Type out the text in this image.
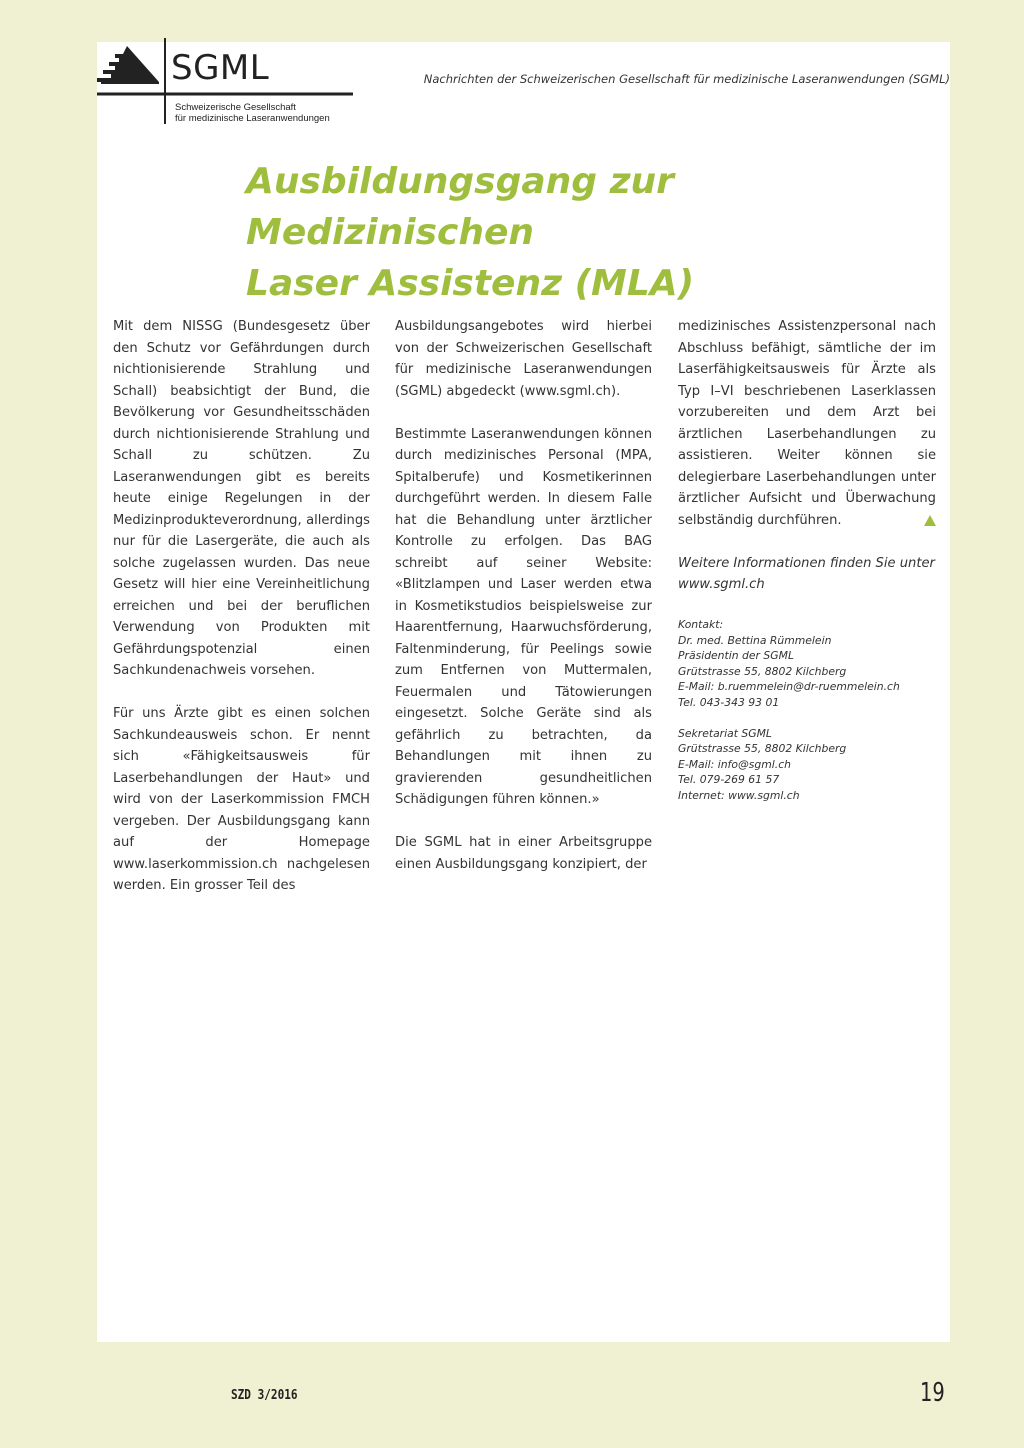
SGML
Schweizerische Gesellschaft
für medizinische Laseranwendungen
Nachrichten der Schweizerischen Gesellschaft für medizinische Laseranwendungen (SGML)
Ausbildungsgang zur Medizinischen
Laser Assistenz (MLA)

Mit dem NISSG (Bundesgesetz über den Schutz vor Gefährdungen durch nichtionisierende Strahlung und Schall) beabsichtigt der Bund, die Bevölkerung vor Gesundheitsschäden durch nichtionisierende Strahlung und Schall zu schützen. Zu Laseranwendungen gibt es bereits heute einige Regelungen in der Medizinprodukteverordnung, allerdings nur für die Lasergeräte, die auch als solche zugelassen wurden. Das neue Gesetz will hier eine Vereinheitlichung erreichen und bei der beruflichen Verwendung von Produkten mit Gefährdungspotenzial einen Sachkundenachweis vorsehen.

Für uns Ärzte gibt es einen solchen Sachkundeausweis schon. Er nennt sich «Fähigkeitsausweis für Laserbehandlungen der Haut» und wird von der Laserkommission FMCH vergeben. Der Ausbildungsgang kann auf der Homepage www.laserkommission.ch nachgelesen werden. Ein grosser Teil des

Ausbildungsangebotes wird hierbei von der Schweizerischen Gesellschaft für medizinische Laseranwendungen (SGML) abgedeckt (www.sgml.ch).

Bestimmte Laseranwendungen können durch medizinisches Personal (MPA, Spitalberufe) und Kosmetikerinnen durchgeführt werden. In diesem Falle hat die Behandlung unter ärztlicher Kontrolle zu erfolgen. Das BAG schreibt auf seiner Website: «Blitzlampen und Laser werden etwa in Kosmetikstudios beispielsweise zur Haarentfernung, Haarwuchsförderung, Faltenminderung, für Peelings sowie zum Entfernen von Muttermalen, Feuermalen und Tätowierungen eingesetzt. Solche Geräte sind als gefährlich zu betrachten, da Behandlungen mit ihnen zu gravierenden gesundheitlichen Schädigungen führen können.»

Die SGML hat in einer Arbeitsgruppe einen Ausbildungsgang konzipiert, der

medizinisches Assistenzpersonal nach Abschluss befähigt, sämtliche der im Laserfähigkeitsausweis für Ärzte als Typ I–VI beschriebenen Laserklassen vorzubereiten und dem Arzt bei ärztlichen Laserbehandlungen zu assistieren. Weiter können sie delegierbare Laserbehandlungen unter ärztlicher Aufsicht und Überwachung selbständig durchführen.

Weitere Informationen finden Sie unter
www.sgml.ch

Kontakt:
Dr. med. Bettina Rümmelein
Präsidentin der SGML
Grütstrasse 55, 8802 Kilchberg
E-Mail: b.ruemmelein@dr-ruemmelein.ch
Tel. 043-343 93 01
Sekretariat SGML
Grütstrasse 55, 8802 Kilchberg
E-Mail: info@sgml.ch
Tel. 079-269 61 57
Internet: www.sgml.ch
SZD 3/2016	19
